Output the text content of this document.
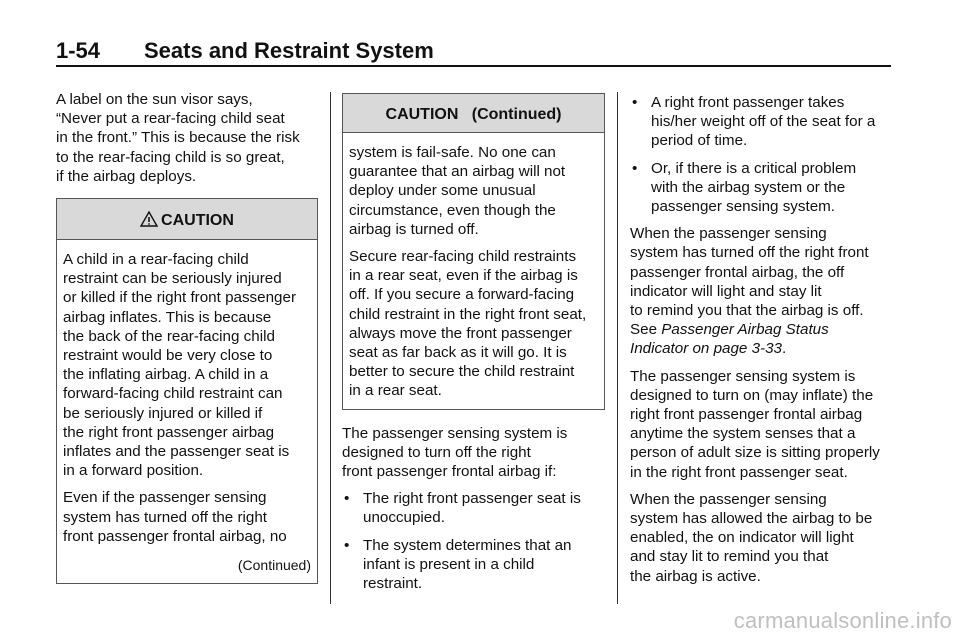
1-54 Seats and Restraint System

A label on the sun visor says,
“Never put a rear-facing child seat
in the front.” This is because the risk
to the rear-facing child is so great,
if the airbag deploys.

CAUTION

A child in a rear-facing child
restraint can be seriously injured
or killed if the right front passenger
airbag inflates. This is because
the back of the rear-facing child
restraint would be very close to
the inflating airbag. A child in a
forward-facing child restraint can
be seriously injured or killed if
the right front passenger airbag
inflates and the passenger seat is
in a forward position.

Even if the passenger sensing
system has turned off the right
front passenger frontal airbag, no

(Continued)
CAUTION   (Continued)

system is fail-safe. No one can
guarantee that an airbag will not
deploy under some unusual
circumstance, even though the
airbag is turned off.

Secure rear-facing child restraints
in a rear seat, even if the airbag is
off. If you secure a forward-facing
child restraint in the right front seat,
always move the front passenger
seat as far back as it will go. It is
better to secure the child restraint
in a rear seat.

The passenger sensing system is
designed to turn off the right
front passenger frontal airbag if:

• The right front passenger seat is
unoccupied.
• The system determines that an
infant is present in a child
restraint.
• A right front passenger takes
his/her weight off of the seat for a
period of time.
• Or, if there is a critical problem
with the airbag system or the
passenger sensing system.

When the passenger sensing
system has turned off the right front
passenger frontal airbag, the off
indicator will light and stay lit
to remind you that the airbag is off.
See Passenger Airbag Status
Indicator on page 3-33.

The passenger sensing system is
designed to turn on (may inflate) the
right front passenger frontal airbag
anytime the system senses that a
person of adult size is sitting properly
in the right front passenger seat.

When the passenger sensing
system has allowed the airbag to be
enabled, the on indicator will light
and stay lit to remind you that
the airbag is active.

carmanualsonline.info
